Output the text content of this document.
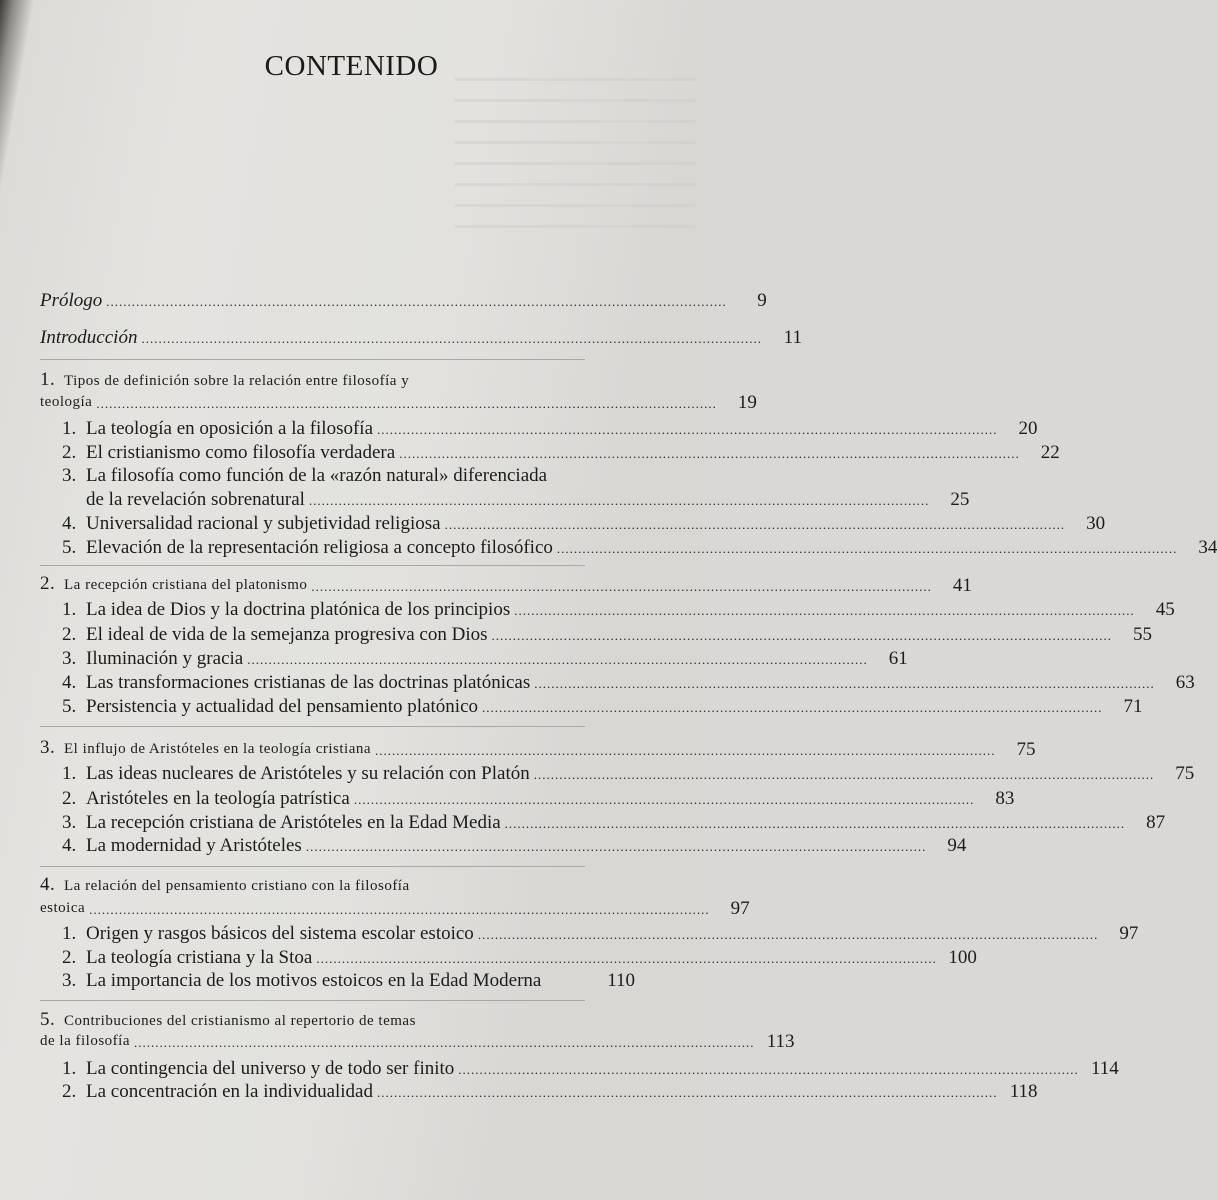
CONTENIDO
Prólogo ..................................................................................................................................................	9
Introducción ..................................................................................................................................................	11
1. Tipos de definición sobre la relación entre filosofía y
teología ..................................................................................................................................................	19
1. La teología en oposición a la filosofía ..................................................................................................................................................	20
2. El cristianismo como filosofía verdadera ..................................................................................................................................................	22
3. La filosofía como función de la «razón natural» diferenciada
de la revelación sobrenatural ..................................................................................................................................................	25
4. Universalidad racional y subjetividad religiosa ..................................................................................................................................................	30
5. Elevación de la representación religiosa a concepto filosófico ..................................................................................................................................................	34
2. La recepción cristiana del platonismo ..................................................................................................................................................	41
1. La idea de Dios y la doctrina platónica de los principios ..................................................................................................................................................	45
2. El ideal de vida de la semejanza progresiva con Dios ..................................................................................................................................................	55
3. Iluminación y gracia ..................................................................................................................................................	61
4. Las transformaciones cristianas de las doctrinas platónicas ..................................................................................................................................................	63
5. Persistencia y actualidad del pensamiento platónico ..................................................................................................................................................	71
3. El influjo de Aristóteles en la teología cristiana ..................................................................................................................................................	75
1. Las ideas nucleares de Aristóteles y su relación con Platón ..................................................................................................................................................	75
2. Aristóteles en la teología patrística ..................................................................................................................................................	83
3. La recepción cristiana de Aristóteles en la Edad Media ..................................................................................................................................................	87
4. La modernidad y Aristóteles ..................................................................................................................................................	94
4. La relación del pensamiento cristiano con la filosofía
estoica ..................................................................................................................................................	97
1. Origen y rasgos básicos del sistema escolar estoico ..................................................................................................................................................	97
2. La teología cristiana y la Stoa .................................................................................................................................................. 100
3. La importancia de los motivos estoicos en la Edad Moderna	110
5. Contribuciones del cristianismo al repertorio de temas
de la filosofía .................................................................................................................................................. 113
1. La contingencia del universo y de todo ser finito .................................................................................................................................................. 114
2. La concentración en la individualidad .................................................................................................................................................. 118
